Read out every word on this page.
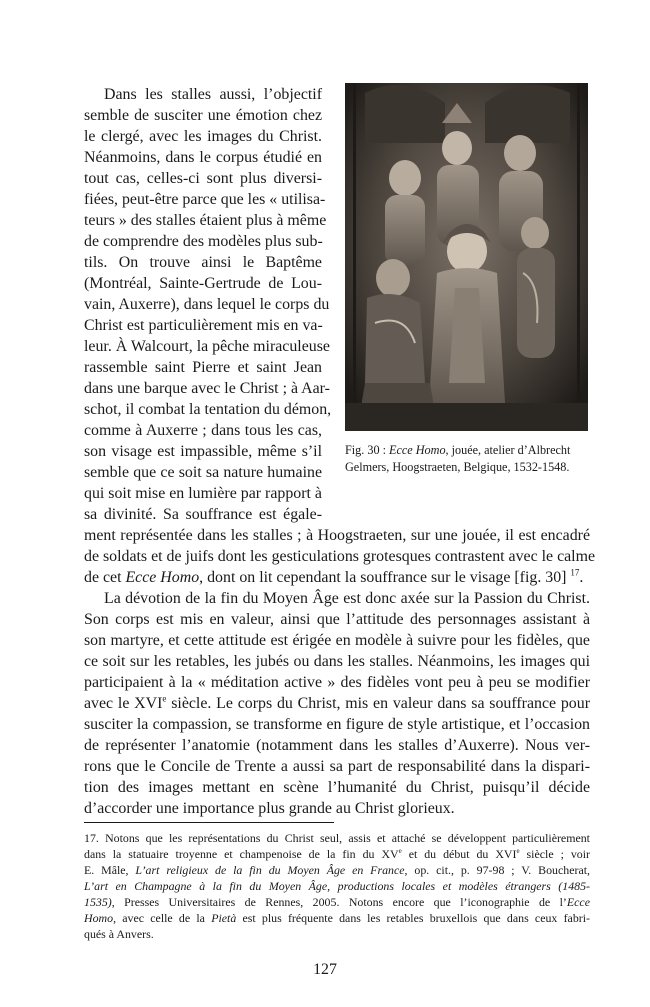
Fig. 30 : Ecce Homo, jouée, atelier d’Albrecht
Gelmers, Hoogstraeten, Belgique, 1532-1548.
Dans les stalles aussi, l’objectif
semble de susciter une émotion chez
le clergé, avec les images du Christ.
Néanmoins, dans le corpus étudié en
tout cas, celles-ci sont plus diversi-
fiées, peut-être parce que les « utilisa-
teurs » des stalles étaient plus à même
de comprendre des modèles plus sub-
tils. On trouve ainsi le Baptême
(Montréal, Sainte-Gertrude de Lou-
vain, Auxerre), dans lequel le corps du
Christ est particulièrement mis en va-
leur. À Walcourt, la pêche miraculeuse
rassemble saint Pierre et saint Jean
dans une barque avec le Christ ; à Aar-
schot, il combat la tentation du démon,
comme à Auxerre ; dans tous les cas,
son visage est impassible, même s’il
semble que ce soit sa nature humaine
qui soit mise en lumière par rapport à
sa divinité. Sa souffrance est égale-
ment représentée dans les stalles ; à Hoogstraeten, sur une jouée, il est encadré
de soldats et de juifs dont les gesticulations grotesques contrastent avec le calme
de cet Ecce Homo, dont on lit cependant la souffrance sur le visage [fig. 30] $^{17}$.
La dévotion de la fin du Moyen Âge est donc axée sur la Passion du Christ.
Son corps est mis en valeur, ainsi que l’attitude des personnages assistant à
son martyre, et cette attitude est érigée en modèle à suivre pour les fidèles, que
ce soit sur les retables, les jubés ou dans les stalles. Néanmoins, les images qui
participaient à la « méditation active » des fidèles vont peu à peu se modifier
avec le XVIe siècle. Le corps du Christ, mis en valeur dans sa souffrance pour
susciter la compassion, se transforme en figure de style artistique, et l’occasion
de représenter l’anatomie (notamment dans les stalles d’Auxerre). Nous ver-
rons que le Concile de Trente a aussi sa part de responsabilité dans la dispari-
tion des images mettant en scène l’humanité du Christ, puisqu’il décide
d’accorder une importance plus grande au Christ glorieux.
17. Notons que les représentations du Christ seul, assis et attaché se développent particulièrement
dans la statuaire troyenne et champenoise de la fin du XVe et du début du XVIe siècle ; voir
E. Mâle, L’art religieux de la fin du Moyen Âge en France, op. cit., p. 97-98 ; V. Boucherat,
L’art en Champagne à la fin du Moyen Âge, productions locales et modèles étrangers (1485-
1535), Presses Universitaires de Rennes, 2005. Notons encore que l’iconographie de l’Ecce
Homo, avec celle de la Pietà est plus fréquente dans les retables bruxellois que dans ceux fabri-
qués à Anvers.
127
